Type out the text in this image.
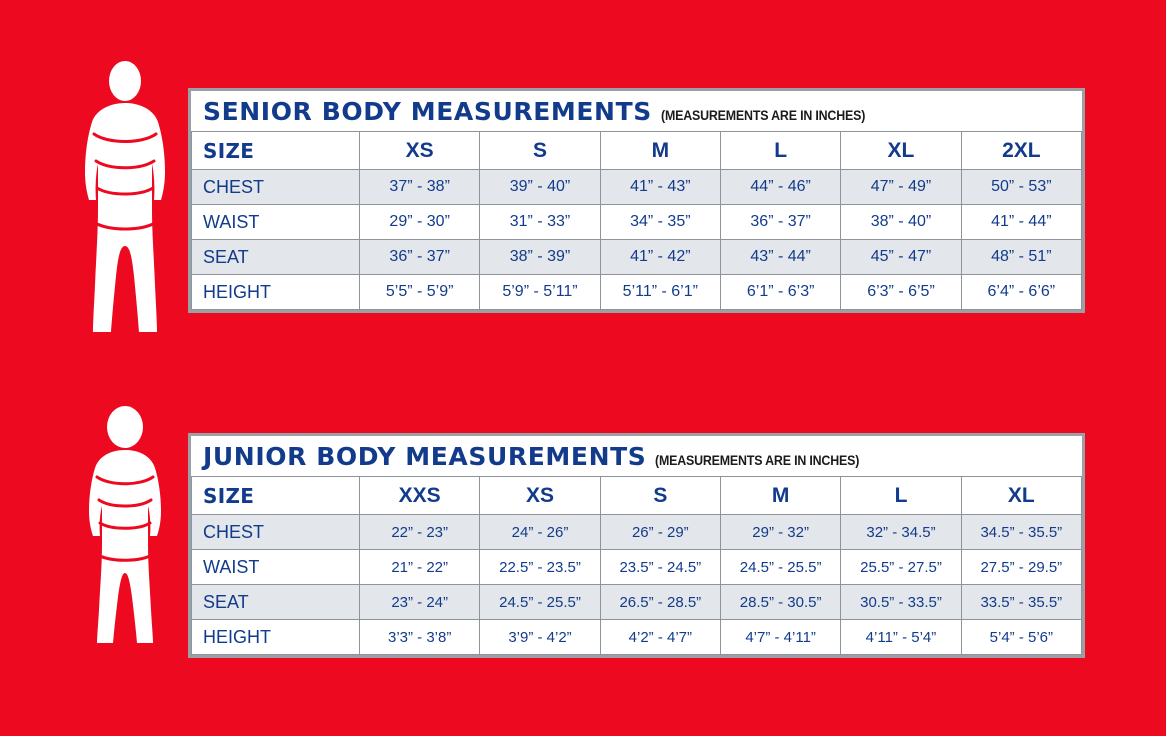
SENIOR BODY MEASUREMENTS (MEASUREMENTS ARE IN INCHES)
SIZE	XS	S	M	L	XL	2XL
CHEST	37” - 38”	39” - 40”	41” - 43”	44” - 46”	47” - 49”	50” - 53”
WAIST	29” - 30”	31” - 33”	34” - 35”	36” - 37”	38” - 40”	41” - 44”
SEAT	36” - 37”	38” - 39”	41” - 42”	43” - 44”	45” - 47”	48” - 51”
HEIGHT	5’5” - 5’9”	5’9” - 5’11”	5’11” - 6’1”	6’1” - 6’3”	6’3” - 6’5”	6’4” - 6’6”
JUNIOR BODY MEASUREMENTS (MEASUREMENTS ARE IN INCHES)
SIZE	XXS	XS	S	M	L	XL
CHEST	22” - 23”	24” - 26”	26” - 29”	29” - 32”	32” - 34.5”	34.5” - 35.5”
WAIST	21” - 22”	22.5” - 23.5”	23.5” - 24.5”	24.5” - 25.5”	25.5” - 27.5”	27.5” - 29.5”
SEAT	23” - 24”	24.5” - 25.5”	26.5” - 28.5”	28.5” - 30.5”	30.5” - 33.5”	33.5” - 35.5”
HEIGHT	3’3” - 3’8”	3’9” - 4’2”	4’2” - 4’7”	4’7” - 4’11”	4’11” - 5’4”	5’4” - 5’6”
